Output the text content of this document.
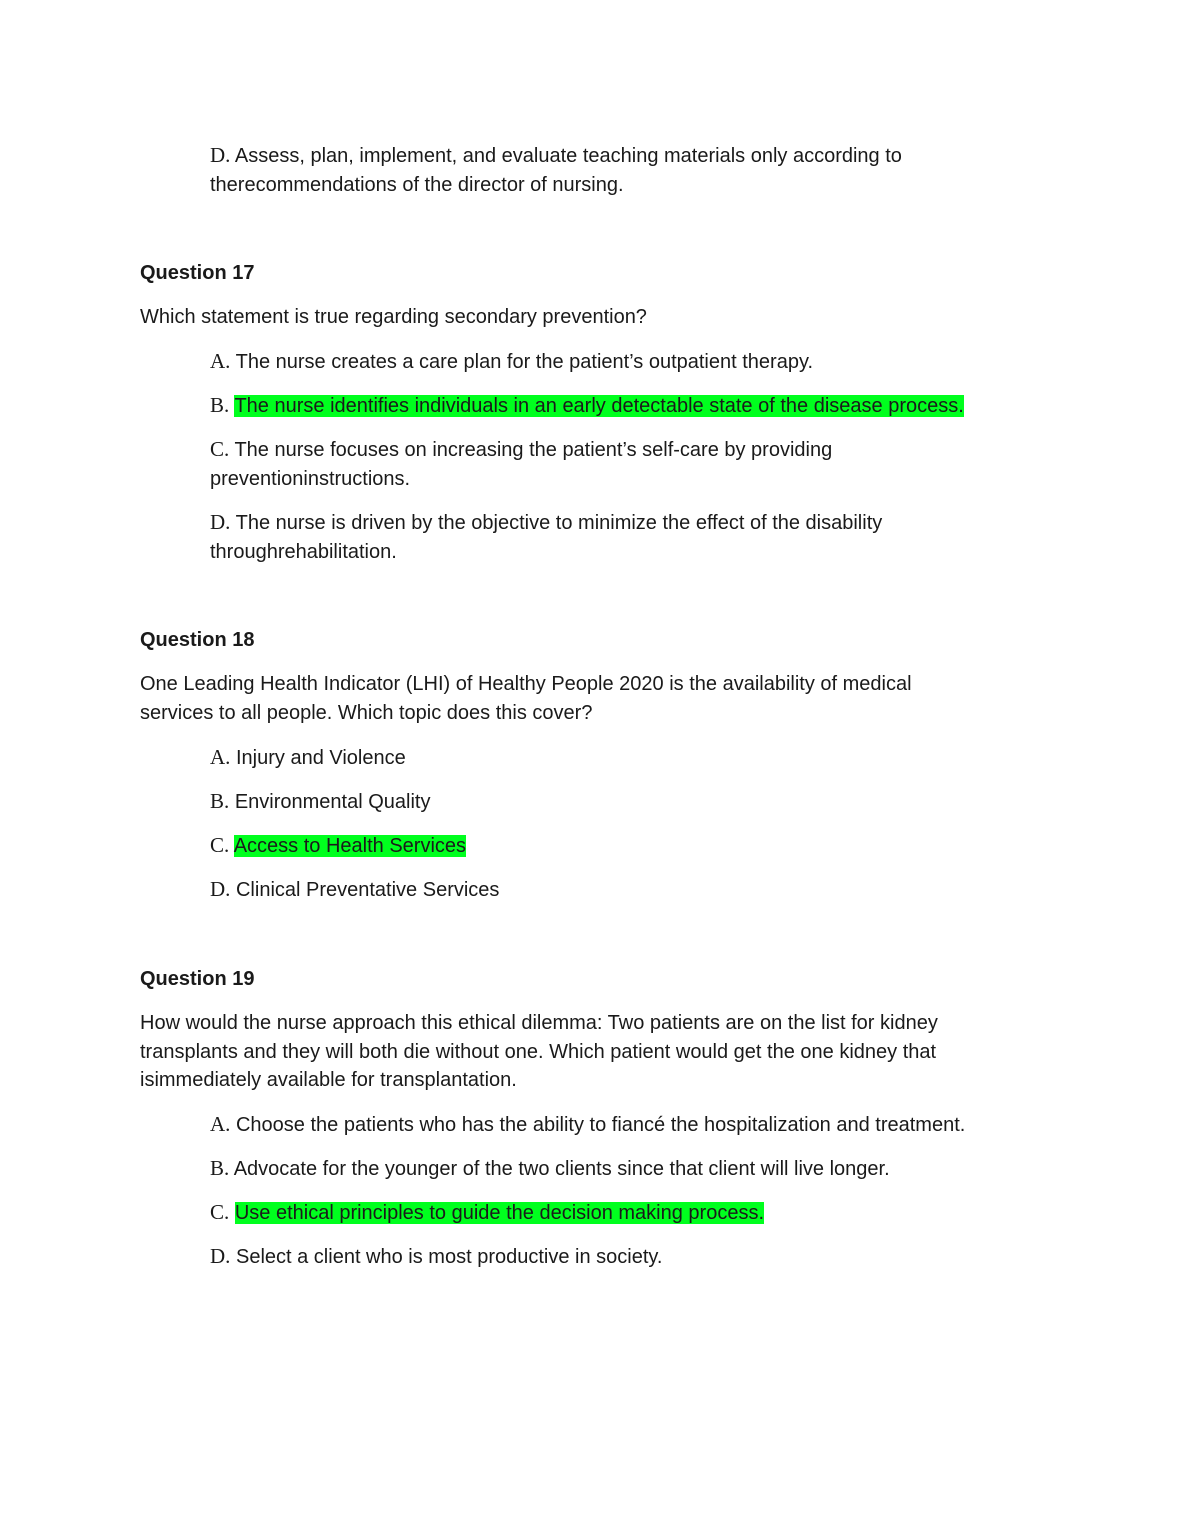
D. Assess, plan, implement, and evaluate teaching materials only according to therecommendations of the director of nursing.
Question 17
Which statement is true regarding secondary prevention?
A. The nurse creates a care plan for the patient’s outpatient therapy.
B. The nurse identifies individuals in an early detectable state of the disease process.
C. The nurse focuses on increasing the patient’s self-care by providing preventioninstructions.
D. The nurse is driven by the objective to minimize the effect of the disability throughrehabilitation.
Question 18
One Leading Health Indicator (LHI) of Healthy People 2020 is the availability of medical services to all people. Which topic does this cover?
A. Injury and Violence
B. Environmental Quality
C. Access to Health Services
D. Clinical Preventative Services
Question 19
How would the nurse approach this ethical dilemma: Two patients are on the list for kidney transplants and they will both die without one. Which patient would get the one kidney that isimmediately available for transplantation.
A. Choose the patients who has the ability to fiancé the hospitalization and treatment.
B. Advocate for the younger of the two clients since that client will live longer.
C. Use ethical principles to guide the decision making process.
D. Select a client who is most productive in society.
